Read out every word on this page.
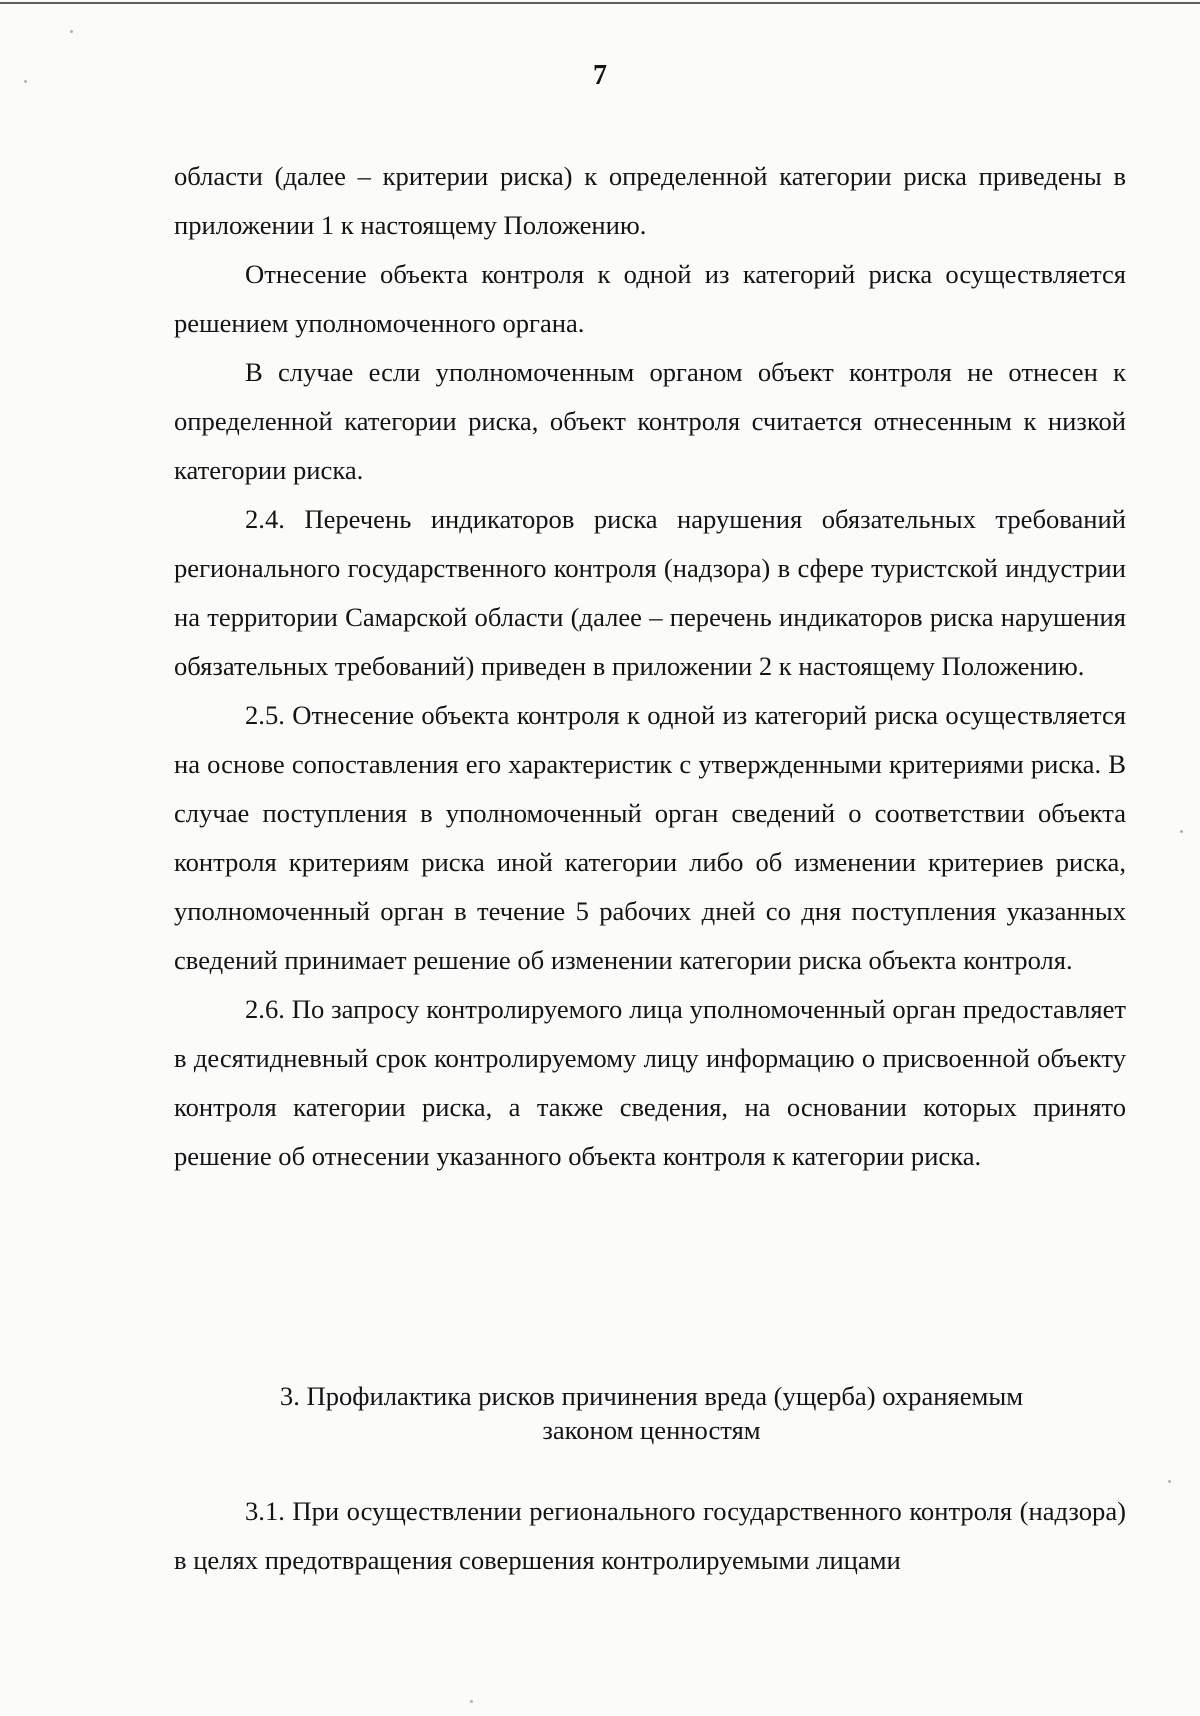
7

области (далее – критерии риска) к определенной категории риска приведены в приложении 1 к настоящему Положению.

Отнесение объекта контроля к одной из категорий риска осуществляется решением уполномоченного органа.

В случае если уполномоченным органом объект контроля не отнесен к определенной категории риска, объект контроля считается отнесенным к низкой категории риска.

2.4. Перечень индикаторов риска нарушения обязательных требований регионального государственного контроля (надзора) в сфере туристской индустрии на территории Самарской области (далее – перечень индикаторов риска нарушения обязательных требований) приведен в приложении 2 к настоящему Положению.

2.5. Отнесение объекта контроля к одной из категорий риска осуществляется на основе сопоставления его характеристик с утвержденными критериями риска. В случае поступления в уполномоченный орган сведений о соответствии объекта контроля критериям риска иной категории либо об изменении критериев риска, уполномоченный орган в течение 5 рабочих дней со дня поступления указанных сведений принимает решение об изменении категории риска объекта контроля.

2.6. По запросу контролируемого лица уполномоченный орган предоставляет в десятидневный срок контролируемому лицу информацию о присвоенной объекту контроля категории риска, а также сведения, на основании которых принято решение об отнесении указанного объекта контроля к категории риска.

3. Профилактика рисков причинения вреда (ущерба) охраняемым
законом ценностям

3.1. При осуществлении регионального государственного контроля (надзора) в целях предотвращения совершения контролируемыми лицами
